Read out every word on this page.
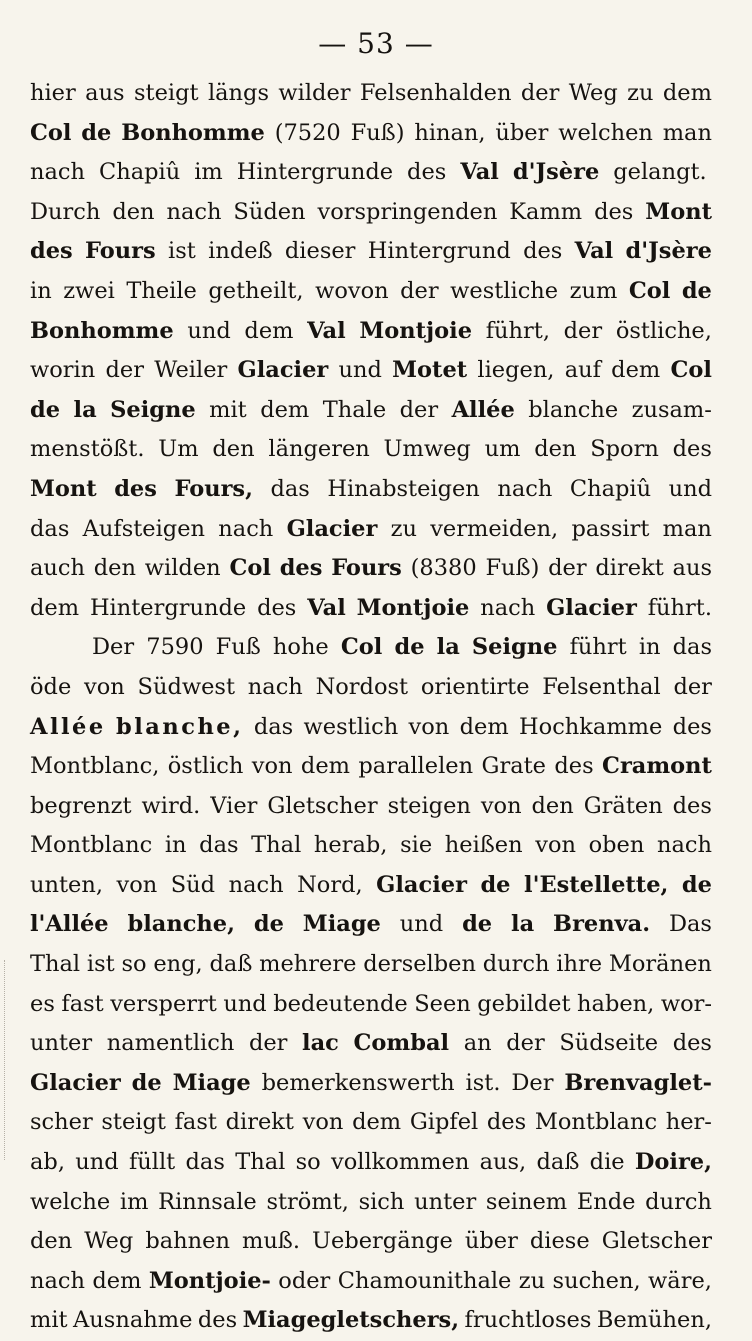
— 53 —
hier aus steigt längs wilder Felsenhalden der Weg zu dem
Col de Bonhomme (7520 Fuß) hinan, über welchen man
nach Chapiû im Hintergrunde des Val d'Jsère gelangt.
Durch den nach Süden vorspringenden Kamm des Mont
des Fours ist indeß dieser Hintergrund des Val d'Jsère
in zwei Theile getheilt, wovon der westliche zum Col de
Bonhomme und dem Val Montjoie führt, der östliche,
worin der Weiler Glacier und Motet liegen, auf dem Col
de la Seigne mit dem Thale der Allée blanche zusam-
menstößt. Um den längeren Umweg um den Sporn des
Mont des Fours, das Hinabsteigen nach Chapiû und
das Aufsteigen nach Glacier zu vermeiden, passirt man
auch den wilden Col des Fours (8380 Fuß) der direkt aus
dem Hintergrunde des Val Montjoie nach Glacier führt.
Der 7590 Fuß hohe Col de la Seigne führt in das
öde von Südwest nach Nordost orientirte Felsenthal der
Allée blanche, das westlich von dem Hochkamme des
Montblanc, östlich von dem parallelen Grate des Cramont
begrenzt wird. Vier Gletscher steigen von den Gräten des
Montblanc in das Thal herab, sie heißen von oben nach
unten, von Süd nach Nord, Glacier de l'Estellette, de
l'Allée blanche, de Miage und de la Brenva. Das
Thal ist so eng, daß mehrere derselben durch ihre Moränen
es fast versperrt und bedeutende Seen gebildet haben, wor-
unter namentlich der lac Combal an der Südseite des
Glacier de Miage bemerkenswerth ist. Der Brenvaglet-
scher steigt fast direkt von dem Gipfel des Montblanc her-
ab, und füllt das Thal so vollkommen aus, daß die Doire,
welche im Rinnsale strömt, sich unter seinem Ende durch
den Weg bahnen muß. Uebergänge über diese Gletscher
nach dem Montjoie- oder Chamounithale zu suchen, wäre,
mit Ausnahme des Miagegletschers, fruchtloses Bemühen,
